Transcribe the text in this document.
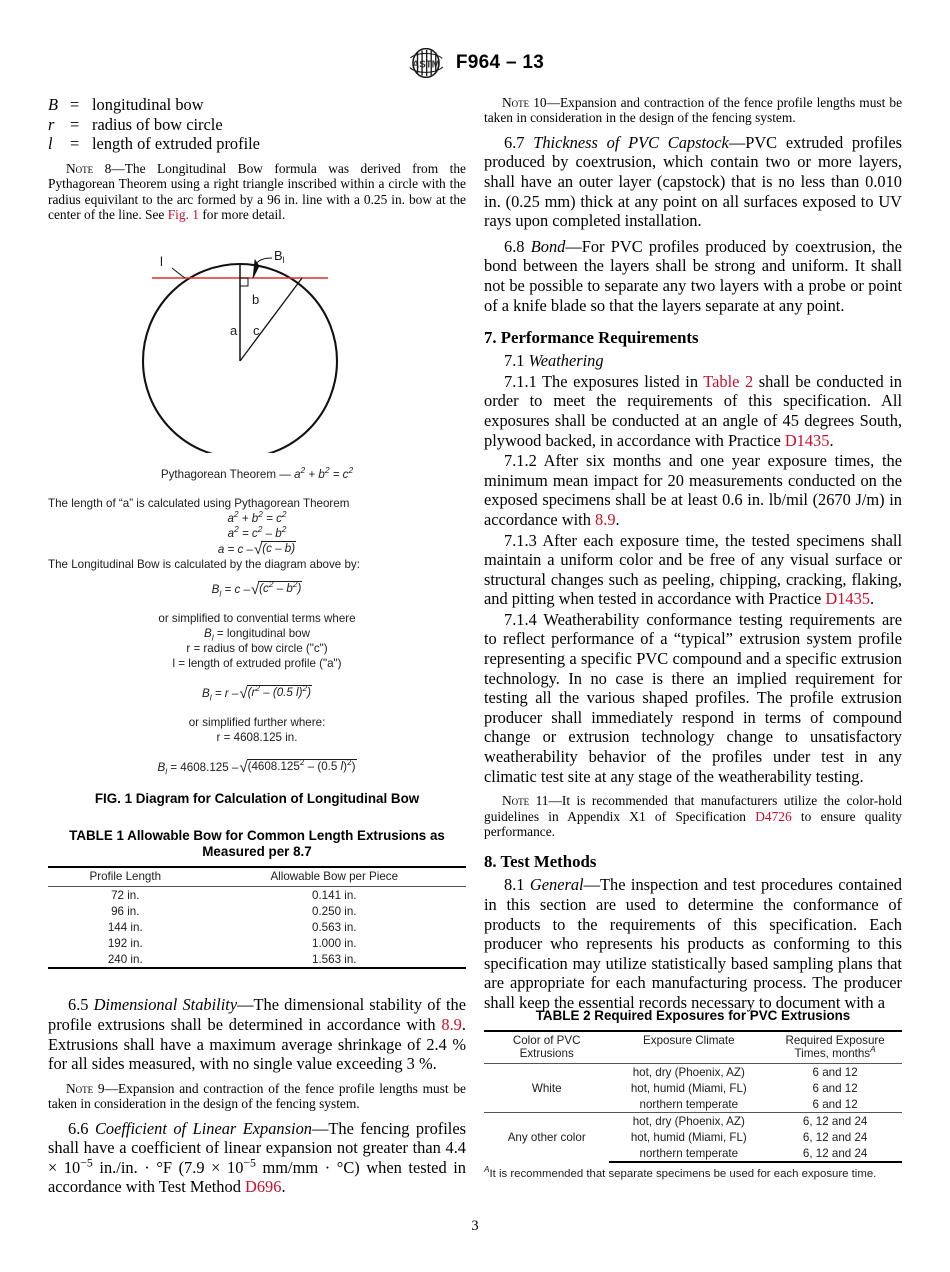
ASTM F964 – 13
B = longitudinal bow
r = radius of bow circle
l	= length of extruded profile

Note 8—The Longitudinal Bow formula was derived from the Pythagorean Theorem using a right triangle inscribed within a circle with the radius equivilant to the arc formed by a 96 in. line with a 0.25 in. bow at the center of the line. See Fig. 1 for more detail.

l	$B_l$
b
a c
Pythagorean Theorem — $a^2 + b^2 = c^2$
The length of “a” is calculated using Pythagorean Theorem
$a^2 + b^2 = c^2$
$a^2 = c^2 - b^2$
a = c –√(c – b)
The Longitudinal Bow is calculated by the diagram above by:
$B_l = c$ $-√(c^2 - b^2)$
or simplified to convential terms where
$B_l$ = longitudinal bow
r = radius of bow circle ("c")
l = length of extruded profile ("a")
$B_l = r$ $-√(r^2 - (0.5$ l)$^2$)
or simplified further where:
r = 4608.125 in.
$B_l = 4608.125$ –√(4608.125$^2$ – (0.5 l)$^2$)
FIG. 1 Diagram for Calculation of Longitudinal Bow
TABLE 1 Allowable Bow for Common Length Extrusions as Measured per 8.7
Profile Length	Allowable Bow per Piece
72 in.	0.141 in.
96 in.	0.250 in.
144 in.	0.563 in.
192 in.	1.000 in.
240 in.	1.563 in.

6.5 Dimensional Stability—The dimensional stability of the profile extrusions shall be determined in accordance with 8.9. Extrusions shall have a maximum average shrinkage of 2.4 % for all sides measured, with no single value exceeding 3 %.

Note 9—Expansion and contraction of the fence profile lengths must be taken in consideration in the design of the fencing system.

6.6 Coefficient of Linear Expansion—The fencing profiles shall have a coefficient of linear expansion not greater than $4.4 \times 10^{-5}$ in./in. · °F ($7.9 \times 10^{-5}$ mm/mm · °C) when tested in accordance with Test Method D696.

Note 10—Expansion and contraction of the fence profile lengths must be taken in consideration in the design of the fencing system.

6.7 Thickness of PVC Capstock—PVC extruded profiles produced by coextrusion, which contain two or more layers, shall have an outer layer (capstock) that is no less than 0.010 in. (0.25 mm) thick at any point on all surfaces exposed to UV rays upon completed installation.

6.8 Bond—For PVC profiles produced by coextrusion, the bond between the layers shall be strong and uniform. It shall not be possible to separate any two layers with a probe or point of a knife blade so that the layers separate at any point.

7. Performance Requirements

7.1 Weathering

7.1.1 The exposures listed in Table 2 shall be conducted in order to meet the requirements of this specification. All exposures shall be conducted at an angle of 45 degrees South, plywood backed, in accordance with Practice D1435.

7.1.2 After six months and one year exposure times, the minimum mean impact for 20 measurements conducted on the exposed specimens shall be at least 0.6 in. lb/mil (2670 J/m) in accordance with 8.9.

7.1.3 After each exposure time, the tested specimens shall maintain a uniform color and be free of any visual surface or structural changes such as peeling, chipping, cracking, flaking, and pitting when tested in accordance with Practice D1435.

7.1.4 Weatherability conformance testing requirements are to reflect performance of a “typical” extrusion system profile representing a specific PVC compound and a specific extrusion technology. In no case is there an implied requirement for testing all the various shaped profiles. The profile extrusion producer shall immediately respond in terms of compound change or extrusion technology change to unsatisfactory weatherability behavior of the profiles under test in any climatic test site at any stage of the weatherability testing.

Note 11—It is recommended that manufacturers utilize the color-hold guidelines in Appendix X1 of Specification D4726 to ensure quality performance.

8. Test Methods

8.1 General—The inspection and test procedures contained in this section are used to determine the conformance of products to the requirements of this specification. Each producer who represents his products as conforming to this specification may utilize statistically based sampling plans that are appropriate for each manufacturing process. The producer shall keep the essential records necessary to document with a

TABLE 2 Required Exposures for PVC Extrusions
Color of PVC Extrusions	Exposure Climate	Required Exposure Times, months$^A$
White	hot, dry (Phoenix, AZ)	6 and 12
	hot, humid (Miami, FL)	6 and 12
	northern temperate	6 and 12
Any other color	hot, dry (Phoenix, AZ)	6, 12 and 24
	hot, humid (Miami, FL)	6, 12 and 24
	northern temperate	6, 12 and 24
$^A$It is recommended that separate specimens be used for each exposure time.
3
